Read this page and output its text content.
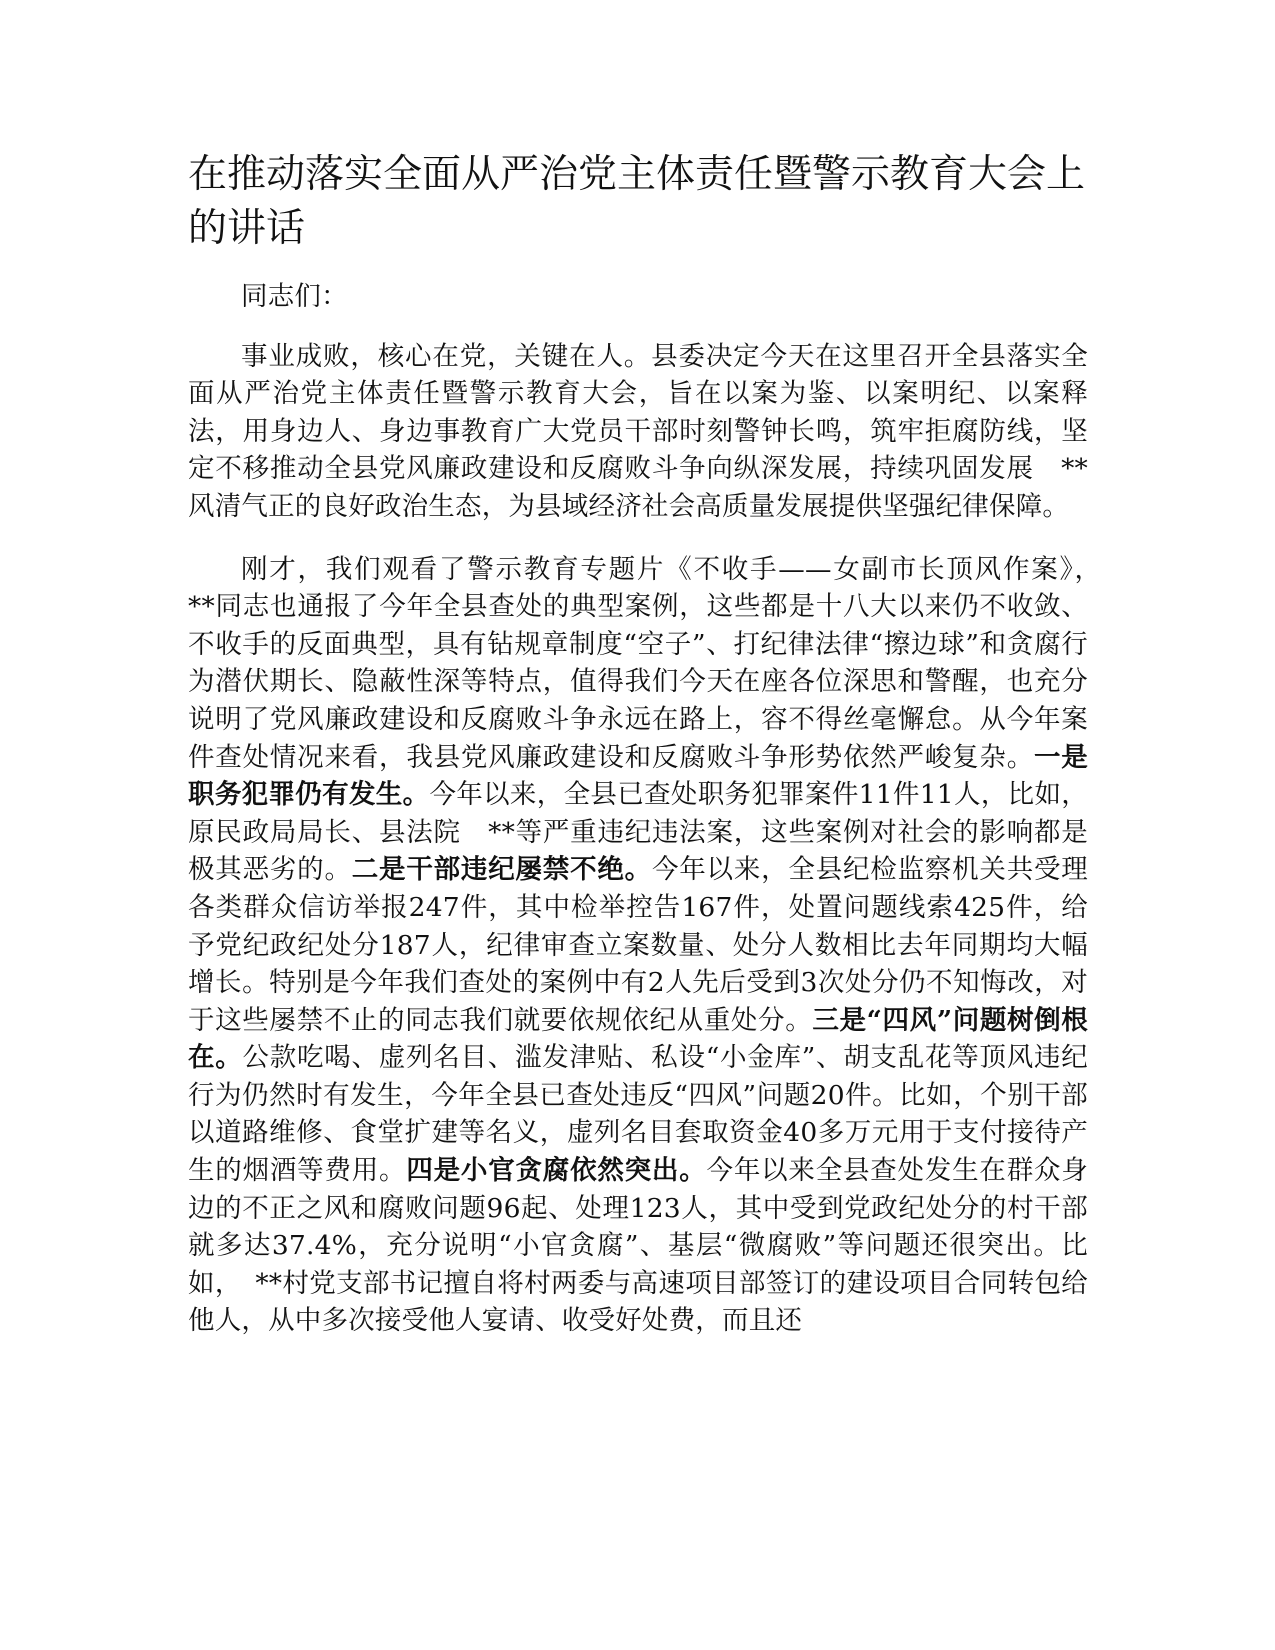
在推动落实全面从严治党主体责任暨警示教育大会上的讲话

同志们：

事业成败，核心在党，关键在人。县委决定今天在这里召开全县落实全面从严治党主体责任暨警示教育大会，旨在以案为鉴、以案明纪、以案释法，用身边人、身边事教育广大党员干部时刻警钟长鸣，筑牢拒腐防线，坚定不移推动全县党风廉政建设和反腐败斗争向纵深发展，持续巩固发展　**风清气正的良好政治生态，为县域经济社会高质量发展提供坚强纪律保障。

刚才，我们观看了警示教育专题片《不收手——女副市长顶风作案》，　**同志也通报了今年全县查处的典型案例，这些都是十八大以来仍不收敛、不收手的反面典型，具有钻规章制度“空子”、打纪律法律“擦边球”和贪腐行为潜伏期长、隐蔽性深等特点，值得我们今天在座各位深思和警醒，也充分说明了党风廉政建设和反腐败斗争永远在路上，容不得丝毫懈怠。从今年案件查处情况来看，我县党风廉政建设和反腐败斗争形势依然严峻复杂。一是职务犯罪仍有发生。今年以来，全县已查处职务犯罪案件11件11人，比如，原民政局局长、县法院　**等严重违纪违法案，这些案例对社会的影响都是极其恶劣的。二是干部违纪屡禁不绝。今年以来，全县纪检监察机关共受理各类群众信访举报247件，其中检举控告167件，处置问题线索425件，给予党纪政纪处分187人，纪律审查立案数量、处分人数相比去年同期均大幅增长。特别是今年我们查处的案例中有2人先后受到3次处分仍不知悔改，对于这些屡禁不止的同志我们就要依规依纪从重处分。三是“四风”问题树倒根在。公款吃喝、虚列名目、滥发津贴、私设“小金库”、胡支乱花等顶风违纪行为仍然时有发生，今年全县已查处违反“四风”问题20件。比如，个别干部以道路维修、食堂扩建等名义，虚列名目套取资金40多万元用于支付接待产生的烟酒等费用。四是小官贪腐依然突出。今年以来全县查处发生在群众身边的不正之风和腐败问题96起、处理123人，其中受到党政纪处分的村干部就多达37.4%，充分说明“小官贪腐”、基层“微腐败”等问题还很突出。比如，　**村党支部书记擅自将村两委与高速项目部签订的建设项目合同转包给他人，从中多次接受他人宴请、收受好处费，而且还
